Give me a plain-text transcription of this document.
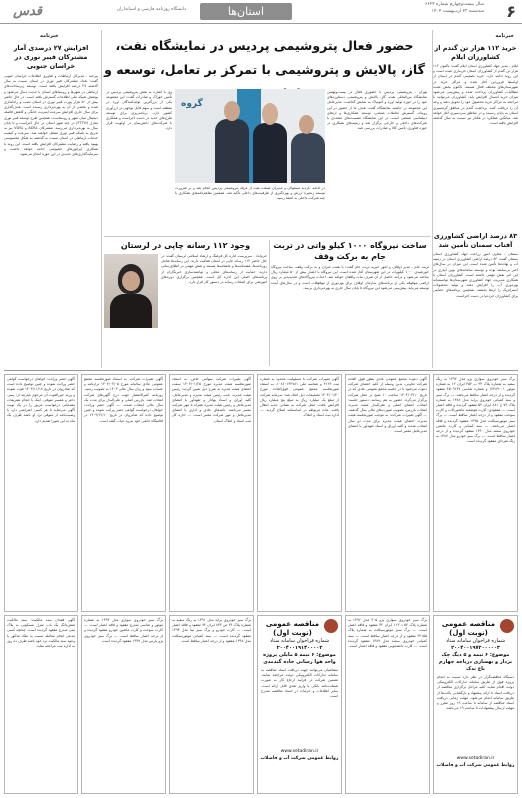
۶
سال بیست‌وچهارم شماره ۶۶۲۴
سه‌شنبه ۲۳ اردیبهشت ۱۴۰۴
استان‌ها
دانشگاه روزنامه فارسی و استانداران
قدس
خبرنامه
خرید ۱۱۲ هزار تن گندم از کشاورزان ایلام
ایلام - مدیر جهاد کشاورزی استان ایلام گفت: تاکنون ۱۱۲ هزار تن گندم از کشاورزان استان خریداری شده است و این روند ادامه دارد. خرید تضمینی گندم در استان از اواسط فروردین آغاز شده و مراکز خرید در شهرستان‌های مختلف فعال هستند. تاکنون بخش عمده مطالبات کشاورزان پرداخت شده و پیش‌بینی می‌شود میزان خرید امسال افزایش یابد. کشاورزان می‌توانند با مراجعه به مراکز خرید محصول خود را تحویل دهند و وجه آن را دریافت کنند. برداشت گندم در مناطق گرمسیری استان به پایان رسیده و در مناطق سردسیری آغاز خواهد شد. میانگین عملکرد در هکتار نیز نسبت به سال گذشته افزایش یافته است.
۸۳ درصد اراضی کشاورزی آفتاب سمنان تأمین شد
سمنان - معاون امور زراعت جهاد کشاورزی استان سمنان گفت: ۸۳ درصد اراضی کشاورزی استان در زمینه آب و نهاده‌ها تأمین شده است. این میزان در سال‌های اخیر بی‌سابقه بوده و توسعه سامانه‌های نوین آبیاری در این امر نقش مهمی داشته است. کشاورزان استان با همکاری مدیریت جهاد کشاورزی شهرستان‌ها توانسته‌اند بهره‌وری آب را افزایش دهند و تولید محصولات استراتژیک را ارتقا بخشند. همچنین برنامه‌های حمایتی برای کشاورزان خرده‌پا در دست اجراست.
خبرنامه
افزایش ۲۷ درصدی آمار مشترکان فیبر نوری در خراسان جنوبی
بیرجند - مدیرکل ارتباطات و فناوری اطلاعات خراسان جنوبی گفت: تعداد مشترکان فیبر نوری در استان نسبت به سال گذشته ۲۷ درصد افزایش یافته است. توسعه زیرساخت‌های ارتباطی در شهرها و روستاهای استان با جدیت دنبال می‌شود و پوشش شبکه ملی اطلاعات گسترش یافته است. در حال حاضر بیش از ۵۰ هزار پورت فیبر نوری در استان نصب و راه‌اندازی شده و بخشی از آن به بهره‌برداری رسیده است. هدف‌گذاری برای سال جاری افزایش سرعت اینترنت خانگی و کاهش فاصله دیجیتال میان شهر و روستاست. همچنین طرح توسعه فیبر نوری منازل (FTTH) در چند شهر استان در حال اجراست و تا پایان سال به بهره‌برداری می‌رسد. مشترکان ADSL و VDSL نیز به تدریج به شبکه فیبر نوری منتقل خواهند شد. سرعت و کیفیت خدمات ارتباطی در استان نسبت به گذشته به شکل محسوسی بهبود یافته و رضایت مشترکان افزایش یافته است. این روند با همکاری اپراتورهای خصوصی ادامه خواهد داشت و سرمایه‌گذاری‌های جدیدی در این حوزه انجام می‌شود.
حضور فعال پتروشیمی پردیس در نمایشگاه نفت، گاز، پالایش و پتروشیمی با تمرکز بر تعامل، توسعه و
تهران - پتروشیمی پردیس با حضوری فعال در بیست‌ونهمین نمایشگاه بین‌المللی نفت، گاز، پالایش و پتروشیمی، دستاوردهای خود را در حوزه تولید اوره و آمونیاک به نمایش گذاشت. مدیرعامل این مجموعه در حاشیه نمایشگاه گفت: هدف ما از حضور در این رویداد، گسترش تعاملات صنعتی، توسعه همکاری‌ها و ارتقای دیپلماسی صنعتی است. در این نمایشگاه نشست‌های متعددی با شرکت‌های داخلی و خارجی برگزار شد و زمینه‌های همکاری در حوزه فناوری، تأمین کالا و صادرات بررسی شد.
گروه
وی با اشاره به نقش پتروشیمی پردیس در تأمین خوراک و صادرات گفت: این مجموعه یکی از بزرگترین تولیدکنندگان اوره در منطقه است و سهم قابل توجهی در ارزآوری کشور دارد. برنامه‌ریزی برای توسعه طرح‌های جدید در دست اجراست و همکاری با شرکت‌های دانش‌بنیان در اولویت قرار دارد.
در ادامه، بازدید مسئولان و مدیران صنعت نفت از غرفه پتروشیمی پردیس انجام شد و بر ضرورت توسعه زنجیره ارزش و بهره‌گیری از ظرفیت‌های داخلی تأکید شد. همچنین تفاهم‌نامه‌های همکاری با چند شرکت داخلی به امضا رسید.
ساخت نیروگاه ۱۰۰۰ کیلو واتی در تربت جام به برکت وقف
تربت جام - مدیر اوقاف و امور خیریه تربت جام گفت: با همت خیران و به برکت وقف، ساخت نیروگاه خورشیدی ۱۰۰۰ کیلووات در این شهرستان آغاز شده است. این نیروگاه با اعتبار بیش از ۵۰ میلیارد ریال ساخته می‌شود و درآمد حاصل از آن صرف نیات واقفان خواهد شد. احداث نیروگاه‌های تجدیدپذیر بر روی اراضی موقوفه یکی از برنامه‌های سازمان اوقاف برای بهره‌وری از موقوفات است و در سال‌های آینده توسعه می‌یابد. پیش‌بینی می‌شود این نیروگاه تا پایان سال جاری به بهره‌برداری برسد.
وجود ۱۱۲ رسانه چاپی در لرستان
خرم‌آباد - سرپرست اداره کل فرهنگ و ارشاد اسلامی لرستان گفت: در حال حاضر ۱۱۲ رسانه چاپی در استان فعالیت دارند. این رسانه‌ها شامل روزنامه‌ها، هفته‌نامه‌ها و ماهنامه‌ها هستند و نقش مهمی در اطلاع‌رسانی دارند. حمایت از رسانه‌های محلی و توانمندسازی خبرنگاران از برنامه‌های اصلی این اداره کل است. همچنین برگزاری دوره‌های آموزشی برای اصحاب رسانه در دستور کار قرار دارد.
برگ سبز خودروی سواری پژو مدل ۱۳۹۲ به رنگ سفید به شماره پلاک ۳۳ ب ۴۵۴ ایران ۱۲ به شماره موتور ۱۲۴۸۹۰۰۱ و شماره شاسی ۴۵۰۹۶۶۷ مفقود گردیده و از درجه اعتبار ساقط می‌باشد. — برگ سبز و سند کمپانی خودروی پراید مدل ۱۳۸۸ به شماره پلاک ۷۴ ج ۸۸۱ ایران ۵۲ مفقود گردیده و فاقد اعتبار است. — مفقودی: کارت هوشمند ماشین‌آلات و کارت سوخت مفقود و از درجه اعتبار ساقط است. — برگ سبز موتورسیکلت مدل ۱۳۹۵ مفقود گردیده و فاقد اعتبار می‌باشد. — سند کمپانی و کارت ماشین خودروی سمند مدل ۱۳۹۰ مفقود گردیده و از درجه اعتبار ساقط است. — برگ سبز خودرو مدل ۱۳۸۷ به رنگ نقره‌ای مفقود گردیده است.
آگهی دعوت مجمع عمومی عادی بطور فوق العاده شرکت تعاونی. بدین وسیله از کلیه اعضای شرکت دعوت می‌شود تا در جلسه مجمع عمومی عادی که در تاریخ ۱۴۰۴/۰۳/۱۰ ساعت ۱۰ صبح در محل شرکت برگزار می‌گردد حضور به هم رسانند. دستور جلسه: انتخاب اعضای اصلی و علی‌البدل هیئت مدیره، انتخاب بازرس، تصویب صورت‌های مالی سال گذشته. — آگهی تغییرات شرکت: به موجب صورتجلسه هیئت مدیره، اعضای هیئت مدیره برای مدت دو سال انتخاب شدند و کلیه اوراق و اسناد تعهدآور با امضای مدیرعامل معتبر است.
آگهی تغییرات شرکت با مسئولیت محدود به شماره ثبت ۴۱۲۶ و شناسه ملی ۱۰۸۶۰۱۴۲۷۸۱. به استناد صورتجلسه مجمع عمومی فوق‌العاده مورخ ۱۴۰۴/۰۱/۲۰ تصمیمات ذیل اتخاذ شد: سرمایه شرکت از مبلغ یک میلیارد ریال به مبلغ پنج میلیارد ریال افزایش یافت. محل شرکت به نشانی جدید انتقال یافت. ماده مربوطه در اساسنامه اصلاح گردید. — اداره ثبت اسناد و املاک.
آگهی تغییرات شرکت سهامی خاص. به استناد صورتجلسه هیئت مدیره مورخ ۱۴۰۴/۰۱/۲۵ سمت اعضای هیئت مدیره به شرح ذیل تعیین گردید: رئیس هیئت مدیره، نایب رئیس هیئت مدیره و مدیرعامل. کلیه اوراق و اسناد بهادار و تعهدآور با امضای مدیرعامل و رئیس هیئت مدیره همراه با مهر شرکت معتبر می‌باشد. نامه‌های عادی و اداری با امضای مدیرعامل و مهر شرکت معتبر است. — اداره کل ثبت اسناد و املاک استان.
آگهی تغییرات شرکت. به استناد صورتجلسه مجمع عمومی عادی سالیانه مورخ ۱۴۰۴/۰۲/۰۵ ترازنامه و حساب سود و زیان سال مالی ۱۴۰۳ به تصویب رسید. روزنامه کثیرالانتشار جهت درج آگهی‌های شرکت انتخاب شد. بازرس اصلی و علی‌البدل برای مدت یک سال مالی انتخاب شدند. — آگهی حصر وراثت: خواهان درخواست گواهی حصر وراثت نموده و چنین توضیح داده که شادروان در تاریخ ۱۴۰۳/۱۲/۱۰ در اقامتگاه دائمی خود بدرود حیات گفته است.
آگهی حصر وراثت: خواهان درخواست گواهی حصر وراثت نموده و چنین توضیح داده است که شادروان در تاریخ ۱۴۰۳/۱۱/۱۸ فوت نموده و ورثه حین‌الفوت آن مرحوم عبارتند از: پسر، دختر و همسر متوفی. اینک با انجام تشریفات مقدماتی درخواست مزبور را در یک نوبت آگهی می‌نماید تا هر کسی اعتراضی دارد یا وصیت‌نامه از متوفی نزد او باشد ظرف یک ماه به این شورا تقدیم دارد.
مناقصه عمومی (نوبت اول)
شماره فراخوان سامانه ستاد
۲۰۰۴۰۰۱۹۷۲۰۰۰۰۰۳
موضوع: ۶ تیمه و ۵ دیگ چک بردار و بهسازی دریاچه چهارم باغ ندک
دستگاه مناقصه‌گزار در نظر دارد نسبت به انجام پروژه فوق از طریق سامانه تدارکات الکترونیکی دولت اقدام نماید. کلیه مراحل برگزاری مناقصه از دریافت اسناد تا ارائه پیشنهاد و بازگشایی پاکت‌ها از طریق سامانه انجام می‌شود. مهلت زمانی دریافت اسناد مناقصه از سامانه تا ساعت ۱۹ روز مقرر و مهلت ارسال پیشنهادات تا ساعت ۱۹ می‌باشد.
www.setadiran.ir
روابط عمومی شرکت آب و فاضلاب
برگ سبز خودروی سواری پژو ۴۰۵ مدل ۱۳۹۶ به شماره پلاک ۵۴ د ۱۱۳ ایران ۳۲ مفقود و فاقد اعتبار است. — برگ سبز موتورسیکلت به شماره پلاک ۲۴۱۵۵ مفقود و از درجه اعتبار ساقط است. — سند کمپانی خودروی سمند مدل ۱۳۸۹ مفقود گردیده است. — کارت دانشجویی مفقود و فاقد اعتبار است.
مناقصه عمومی (نوبت اول)
شماره فراخوان سامانه ستاد
۲۰۰۴۰۰۱۹۱۴۰۰۰۰۳
موضوع: ۶ تیمه ۵ مایلی پروژه واحد هوا رسانی جاده گندمدی
متقاضیان می‌توانند جهت دریافت اسناد مناقصه به سامانه تدارکات الکترونیکی دولت مراجعه نمایند. تضمین شرکت در فرآیند ارجاع کار به صورت ضمانت‌نامه بانکی یا واریز نقدی قابل ارائه است. سایر اطلاعات و جزئیات در اسناد مناقصه مندرج است.
www.setadiran.ir
روابط عمومی شرکت آب و فاضلاب
برگ سبز خودروی پراید مدل ۱۳۹۱ به رنگ سفید به شماره پلاک ۳۶ ص ۸۴۳ ایران ۷۴ مفقود و فاقد اعتبار است. — کارت خودرو و برگ سبز تیبا مدل ۱۳۹۴ مفقود گردیده است. — سند کمپانی موتورسیکلت مدل ۱۳۹۸ مفقود و از درجه اعتبار ساقط است.
برگ سبز خودروی سواری مدل ۱۳۹۳ به شماره موتور و شاسی مندرج مفقود و فاقد اعتبار است. — کارت سوخت و کارت ماشین خودرو مفقود گردیده و از درجه اعتبار ساقط است. — برگ سبز خودروی پژو پارس مدل ۱۳۹۷ مفقود گردیده است.
آگهی فقدان سند مالکیت: سند مالکیت شش‌دانگ یک باب منزل مسکونی به پلاک ثبتی مندرج مفقود گردیده است. چنانچه کسی مدعی انجام معامله نسبت به ملک مذکور یا وجود سند مالکیت نزد خود باشد ظرف ده روز به اداره ثبت مراجعه نماید.
